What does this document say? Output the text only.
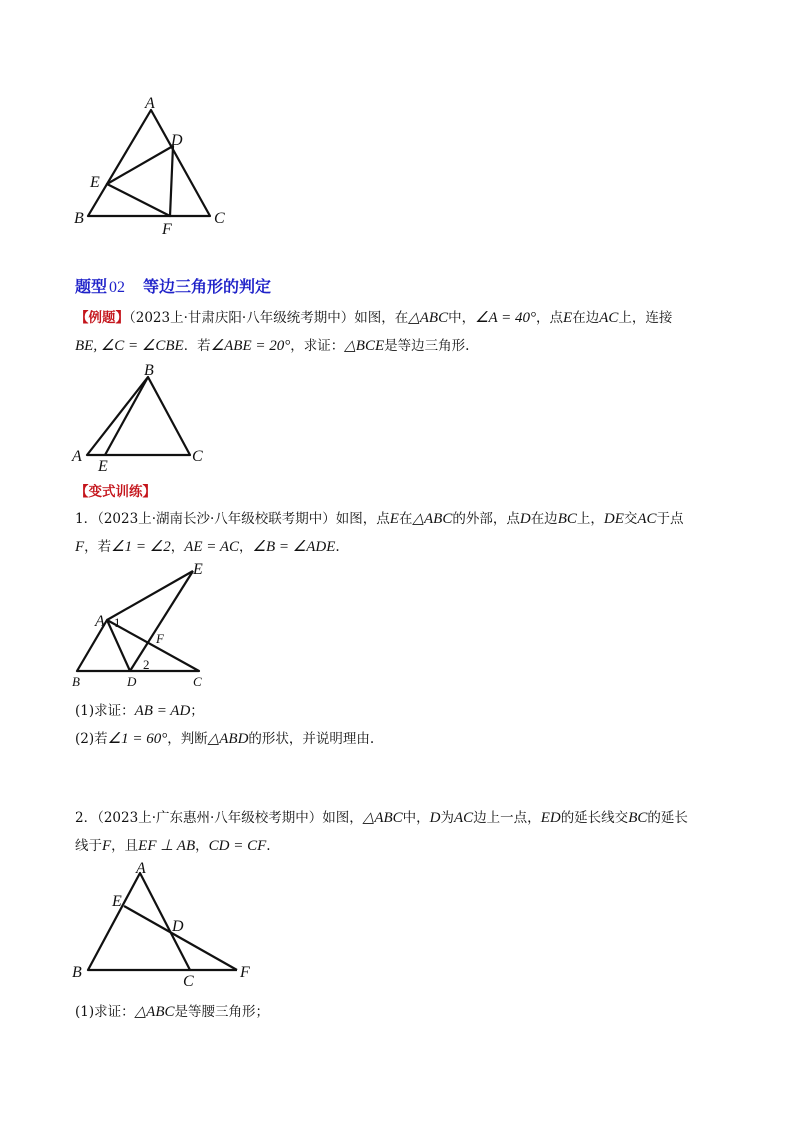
A
B	C
D
E
F
题型 02 等边三角形的判定
【例题】（2023上·甘肃庆阳·八年级统考期中）如图，在△ABC中，∠A = 40°，点E在边AC上，连接
BE, ∠C = ∠CBE．若∠ABE = 20°，求证：△BCE是等边三角形.
B
A	C
E
【变式训练】
1．（2023上·湖南长沙·八年级校联考期中）如图，点E在△ABC的外部，点D在边BC上，DE交AC于点
F，若∠1 = ∠2，AE = AC，∠B = ∠ADE.
E
A 1
F
2
B	D	C
(1)求证：AB = AD；
(2)若∠1 = 60°，判断△ABD的形状，并说明理由.
2．（2023上·广东惠州·八年级校考期中）如图，△ABC中，D为AC边上一点，ED的延长线交BC的延长
线于F，且EF ⊥ AB，CD = CF.
A
E
D
B
C
F
(1)求证：△ABC是等腰三角形；
